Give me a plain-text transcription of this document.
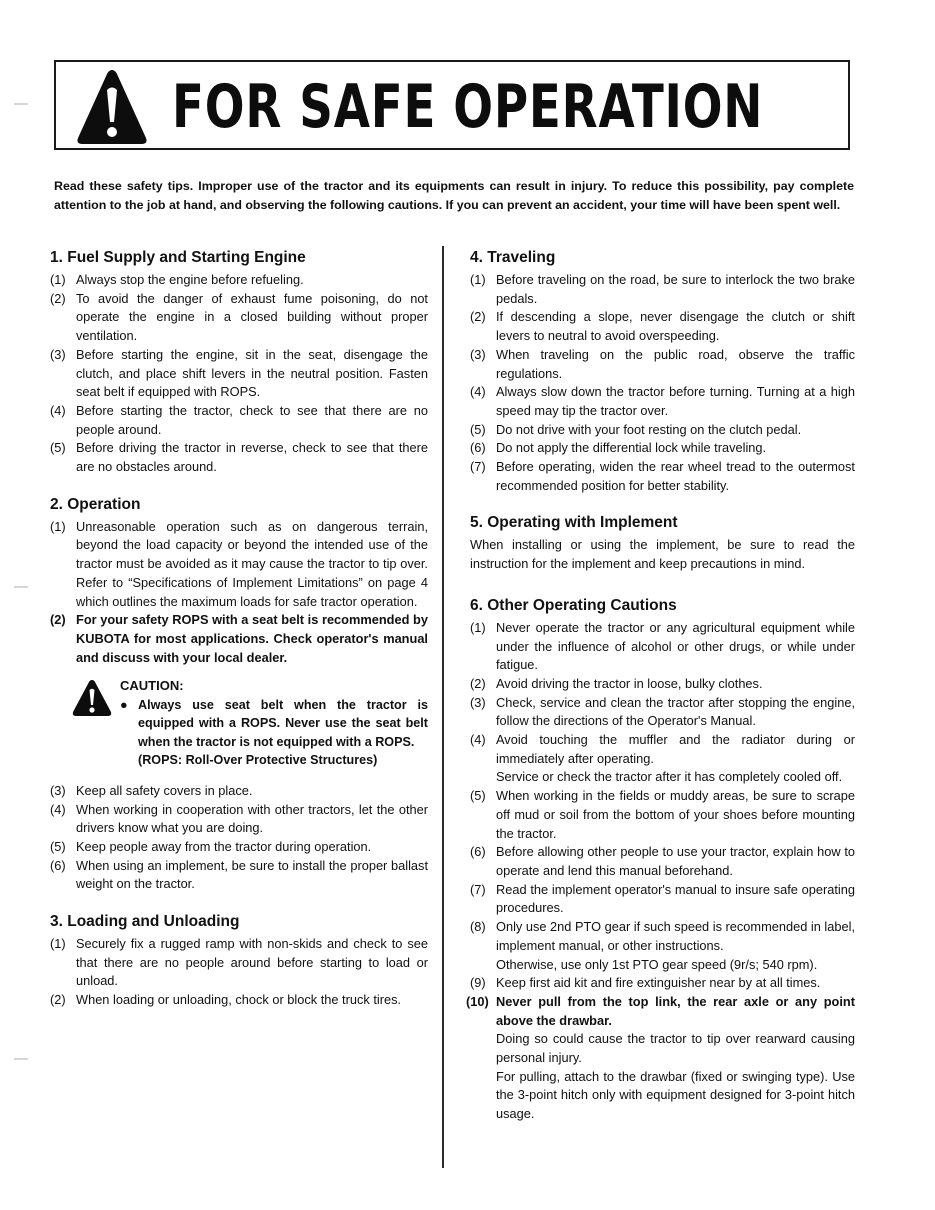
FOR SAFE OPERATION
Read these safety tips. Improper use of the tractor and its equipments can result in injury. To reduce this possibility, pay complete attention to the job at hand, and observing the following cautions. If you can prevent an accident, your time will have been spent well.
1. Fuel Supply and Starting Engine
(1) Always stop the engine before refueling.
(2) To avoid the danger of exhaust fume poisoning, do not operate the engine in a closed building without proper ventilation.
(3) Before starting the engine, sit in the seat, disengage the clutch, and place shift levers in the neutral position. Fasten seat belt if equipped with ROPS.
(4) Before starting the tractor, check to see that there are no people around.
(5) Before driving the tractor in reverse, check to see that there are no obstacles around.
2. Operation
(1) Unreasonable operation such as on dangerous terrain, beyond the load capacity or beyond the intended use of the tractor must be avoided as it may cause the tractor to tip over. Refer to “Specifications of Implement Limitations” on page 4 which outlines the maximum loads for safe tractor operation.
(2) For your safety ROPS with a seat belt is recommended by KUBOTA for most applications. Check operator's manual and discuss with your local dealer.
CAUTION:
● Always use seat belt when the tractor is equipped with a ROPS. Never use the seat belt when the tractor is not equipped with a ROPS.
(ROPS: Roll-Over Protective Structures)
(3) Keep all safety covers in place.
(4) When working in cooperation with other tractors, let the other drivers know what you are doing.
(5) Keep people away from the tractor during operation.
(6) When using an implement, be sure to install the proper ballast weight on the tractor.
3. Loading and Unloading
(1) Securely fix a rugged ramp with non-skids and check to see that there are no people around before starting to load or unload.
(2) When loading or unloading, chock or block the truck tires.
4. Traveling
(1) Before traveling on the road, be sure to interlock the two brake pedals.
(2) If descending a slope, never disengage the clutch or shift levers to neutral to avoid overspeeding.
(3) When traveling on the public road, observe the traffic regulations.
(4) Always slow down the tractor before turning. Turning at a high speed may tip the tractor over.
(5) Do not drive with your foot resting on the clutch pedal.
(6) Do not apply the differential lock while traveling.
(7) Before operating, widen the rear wheel tread to the outermost recommended position for better stability.
5. Operating with Implement
When installing or using the implement, be sure to read the instruction for the implement and keep precautions in mind.
6. Other Operating Cautions
(1) Never operate the tractor or any agricultural equipment while under the influence of alcohol or other drugs, or while under fatigue.
(2) Avoid driving the tractor in loose, bulky clothes.
(3) Check, service and clean the tractor after stopping the engine, follow the directions of the Operator's Manual.
(4) Avoid touching the muffler and the radiator during or immediately after operating.
Service or check the tractor after it has completely cooled off.
(5) When working in the fields or muddy areas, be sure to scrape off mud or soil from the bottom of your shoes before mounting the tractor.
(6) Before allowing other people to use your tractor, explain how to operate and lend this manual beforehand.
(7) Read the implement operator's manual to insure safe operating procedures.
(8) Only use 2nd PTO gear if such speed is recommended in label, implement manual, or other instructions.
Otherwise, use only 1st PTO gear speed (9r/s; 540 rpm).
(9) Keep first aid kit and fire extinguisher near by at all times.
(10) Never pull from the top link, the rear axle or any point above the drawbar.
Doing so could cause the tractor to tip over rearward causing personal injury.
For pulling, attach to the drawbar (fixed or swinging type). Use the 3-point hitch only with equipment designed for 3-point hitch usage.
